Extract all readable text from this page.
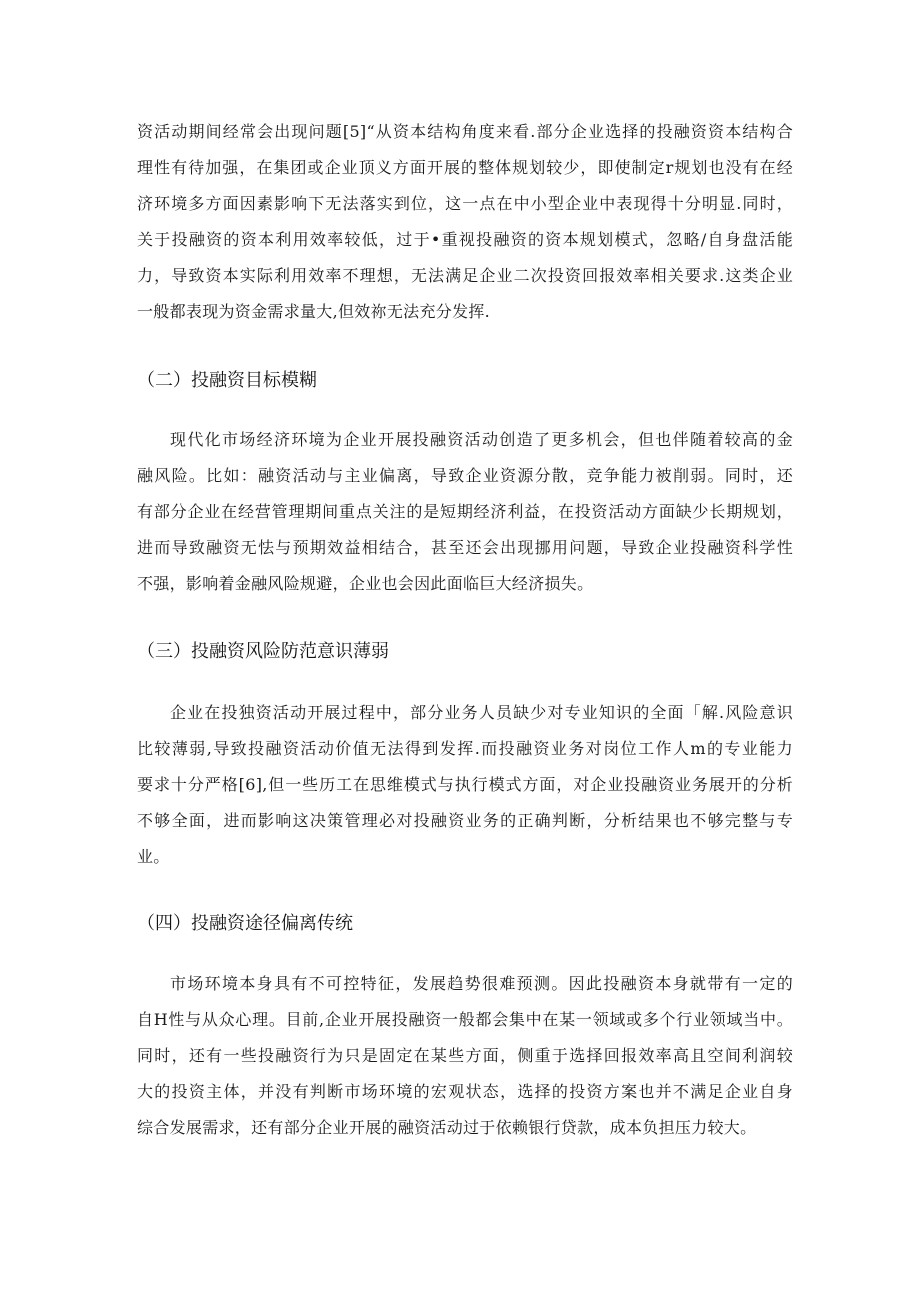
资活动期间经常会出现问题[5]“从资本结构角度来看.部分企业选择的投融资资本结构合
理性有待加强，在集团或企业顶义方面开展的整体规划较少，即使制定r规划也没有在经
济环境多方面因素影响下无法落实到位，这一点在中小型企业中表现得十分明显.同时，
关于投融资的资本利用效率较低，过于•重视投融资的资本规划模式，忽略/自身盘活能
力，导致资本实际利用效率不理想，无法满足企业二次投资回报效率相关要求.这类企业
一般都表现为资金需求量大,但效祢无法充分发挥.
（二）投融资目标模糊
现代化市场经济环境为企业开展投融资活动创造了更多机会，但也伴随着较高的金
融风险。比如：融资活动与主业偏离，导致企业资源分散，竞争能力被削弱。同时，还
有部分企业在经营管理期间重点关注的是短期经济利益，在投资活动方面缺少长期规划，
进而导致融资无怯与预期效益相结合，甚至还会出现挪用问题，导致企业投融资科学性
不强，影响着金融风险规避，企业也会因此面临巨大经济损失。
（三）投融资风险防范意识薄弱
企业在投独资活动开展过程中，部分业务人员缺少对专业知识的全面「解.风险意识
比较薄弱,导致投融资活动价值无法得到发挥.而投融资业务对岗位工作人m的专业能力
要求十分严格[6],但一些历工在思维模式与执行模式方面，对企业投融资业务展开的分析
不够全面，进而影响这决策管理必对投融资业务的正确判断，分析结果也不够完整与专
业。
（四）投融资途径偏离传统
市场环境本身具有不可控特征，发展趋势很难预测。因此投融资本身就带有一定的
自H性与从众心理。目前,企业开展投融资一般都会集中在某一领域或多个行业领域当中。
同时，还有一些投融资行为只是固定在某些方面，侧重于选择回报效率高且空间利润较
大的投资主体，并没有判断市场环境的宏观状态，选择的投资方案也并不满足企业自身
综合发展需求，还有部分企业开展的融资活动过于依赖银行贷款，成本负担压力较大。
